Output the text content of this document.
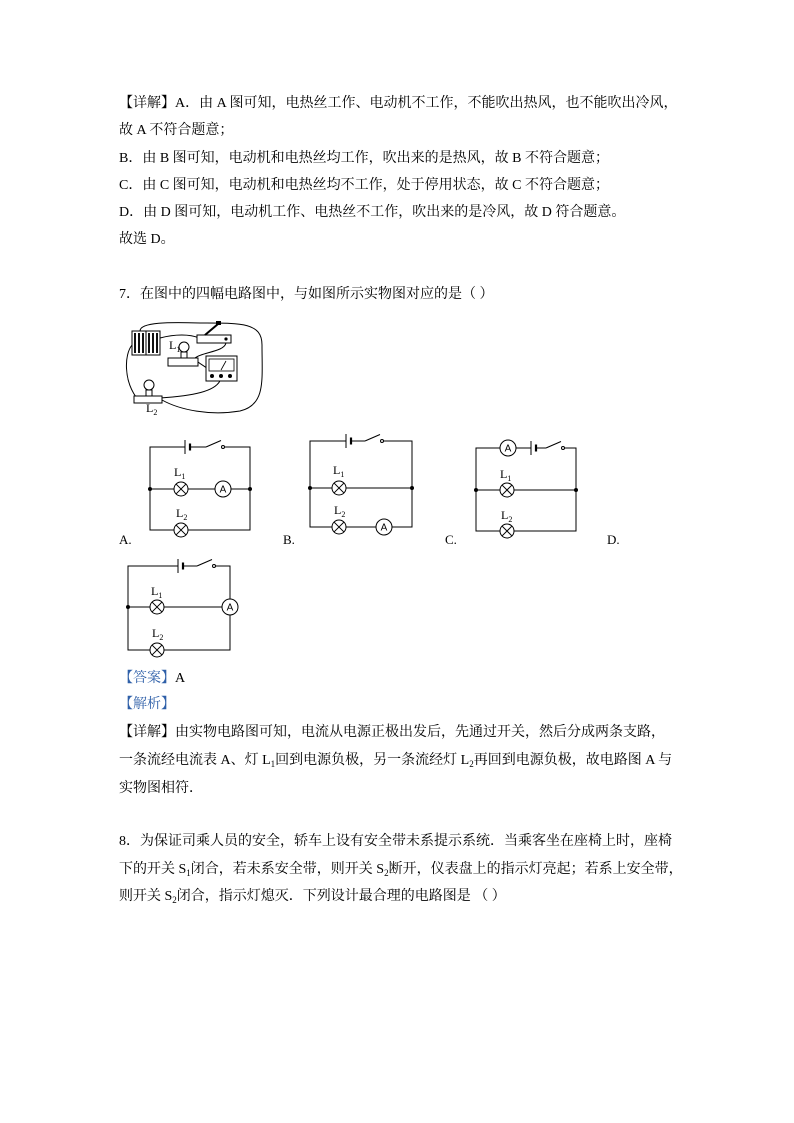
【详解】A．由 A 图可知，电热丝工作、电动机不工作，不能吹出热风，也不能吹出冷风，
故 A 不符合题意；
B．由 B 图可知，电动机和电热丝均工作，吹出来的是热风，故 B 不符合题意；
C．由 C 图可知，电动机和电热丝均不工作，处于停用状态，故 C 不符合题意；
D．由 D 图可知，电动机工作、电热丝不工作，吹出来的是冷风，故 D 符合题意。
故选 D。
7．在图中的四幅电路图中，与如图所示实物图对应的是（ ）
A.	B.	C.	D.
【答案】A
【解析】
【详解】由实物电路图可知，电流从电源正极出发后，先通过开关，然后分成两条支路，
一条流经电流表 A、灯 $L_1$回到电源负极，另一条流经灯 $L_2$再回到电源负极，故电路图 A 与
实物图相符．
8．为保证司乘人员的安全，轿车上设有安全带未系提示系统．当乘客坐在座椅上时，座椅
下的开关 $S_1$闭合，若未系安全带，则开关 $S_2$断开，仪表盘上的指示灯亮起；若系上安全带，
则开关 $S_2$闭合，指示灯熄灭．下列设计最合理的电路图是 （ ）
$L_1$
$L_2$
A
$L_1$
$L_2$
A
$L_1$
$L_2$
A
$L_1$
$L_2$
A
$L_1$
$L_2$
